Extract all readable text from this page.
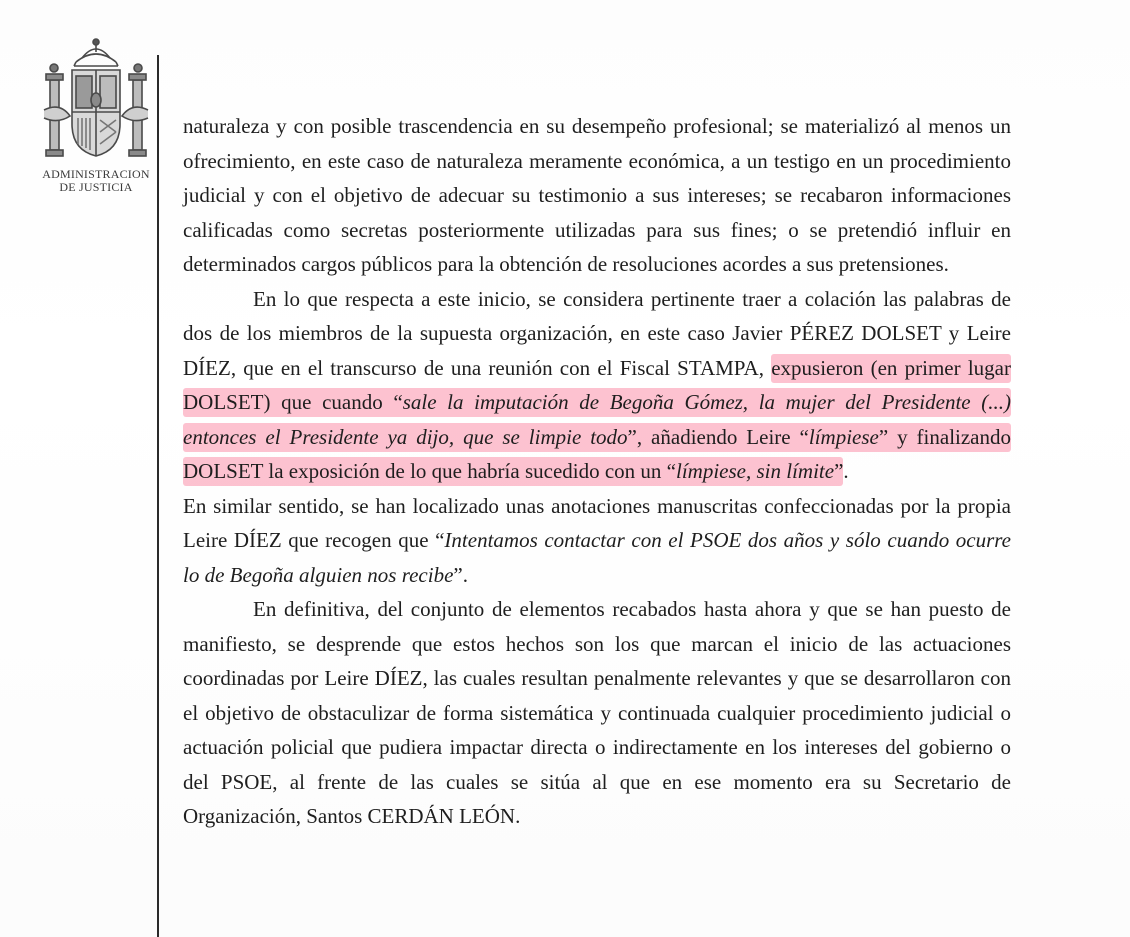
ADMINISTRACION
DE JUSTICIA

naturaleza y con posible trascendencia en su desempeño profesional; se materializó al menos un ofrecimiento, en este caso de naturaleza meramente económica, a un testigo en un procedimiento judicial y con el objetivo de adecuar su testimonio a sus intereses; se recabaron informaciones calificadas como secretas posteriormente utilizadas para sus fines; o se pretendió influir en determinados cargos públicos para la obtención de resoluciones acordes a sus pretensiones.

En lo que respecta a este inicio, se considera pertinente traer a colación las palabras de dos de los miembros de la supuesta organización, en este caso Javier PÉREZ DOLSET y Leire DÍEZ, que en el transcurso de una reunión con el Fiscal STAMPA, expusieron (en primer lugar DOLSET) que cuando “sale la imputación de Begoña Gómez, la mujer del Presidente (...) entonces el Presidente ya dijo, que se limpie todo”, añadiendo Leire “límpiese” y finalizando DOLSET la exposición de lo que habría sucedido con un “límpiese, sin límite”.

En similar sentido, se han localizado unas anotaciones manuscritas confeccionadas por la propia Leire DÍEZ que recogen que “Intentamos contactar con el PSOE dos años y sólo cuando ocurre lo de Begoña alguien nos recibe”.

En definitiva, del conjunto de elementos recabados hasta ahora y que se han puesto de manifiesto, se desprende que estos hechos son los que marcan el inicio de las actuaciones coordinadas por Leire DÍEZ, las cuales resultan penalmente relevantes y que se desarrollaron con el objetivo de obstaculizar de forma sistemática y continuada cualquier procedimiento judicial o actuación policial que pudiera impactar directa o indirectamente en los intereses del gobierno o del PSOE, al frente de las cuales se sitúa al que en ese momento era su Secretario de Organización, Santos CERDÁN LEÓN.
